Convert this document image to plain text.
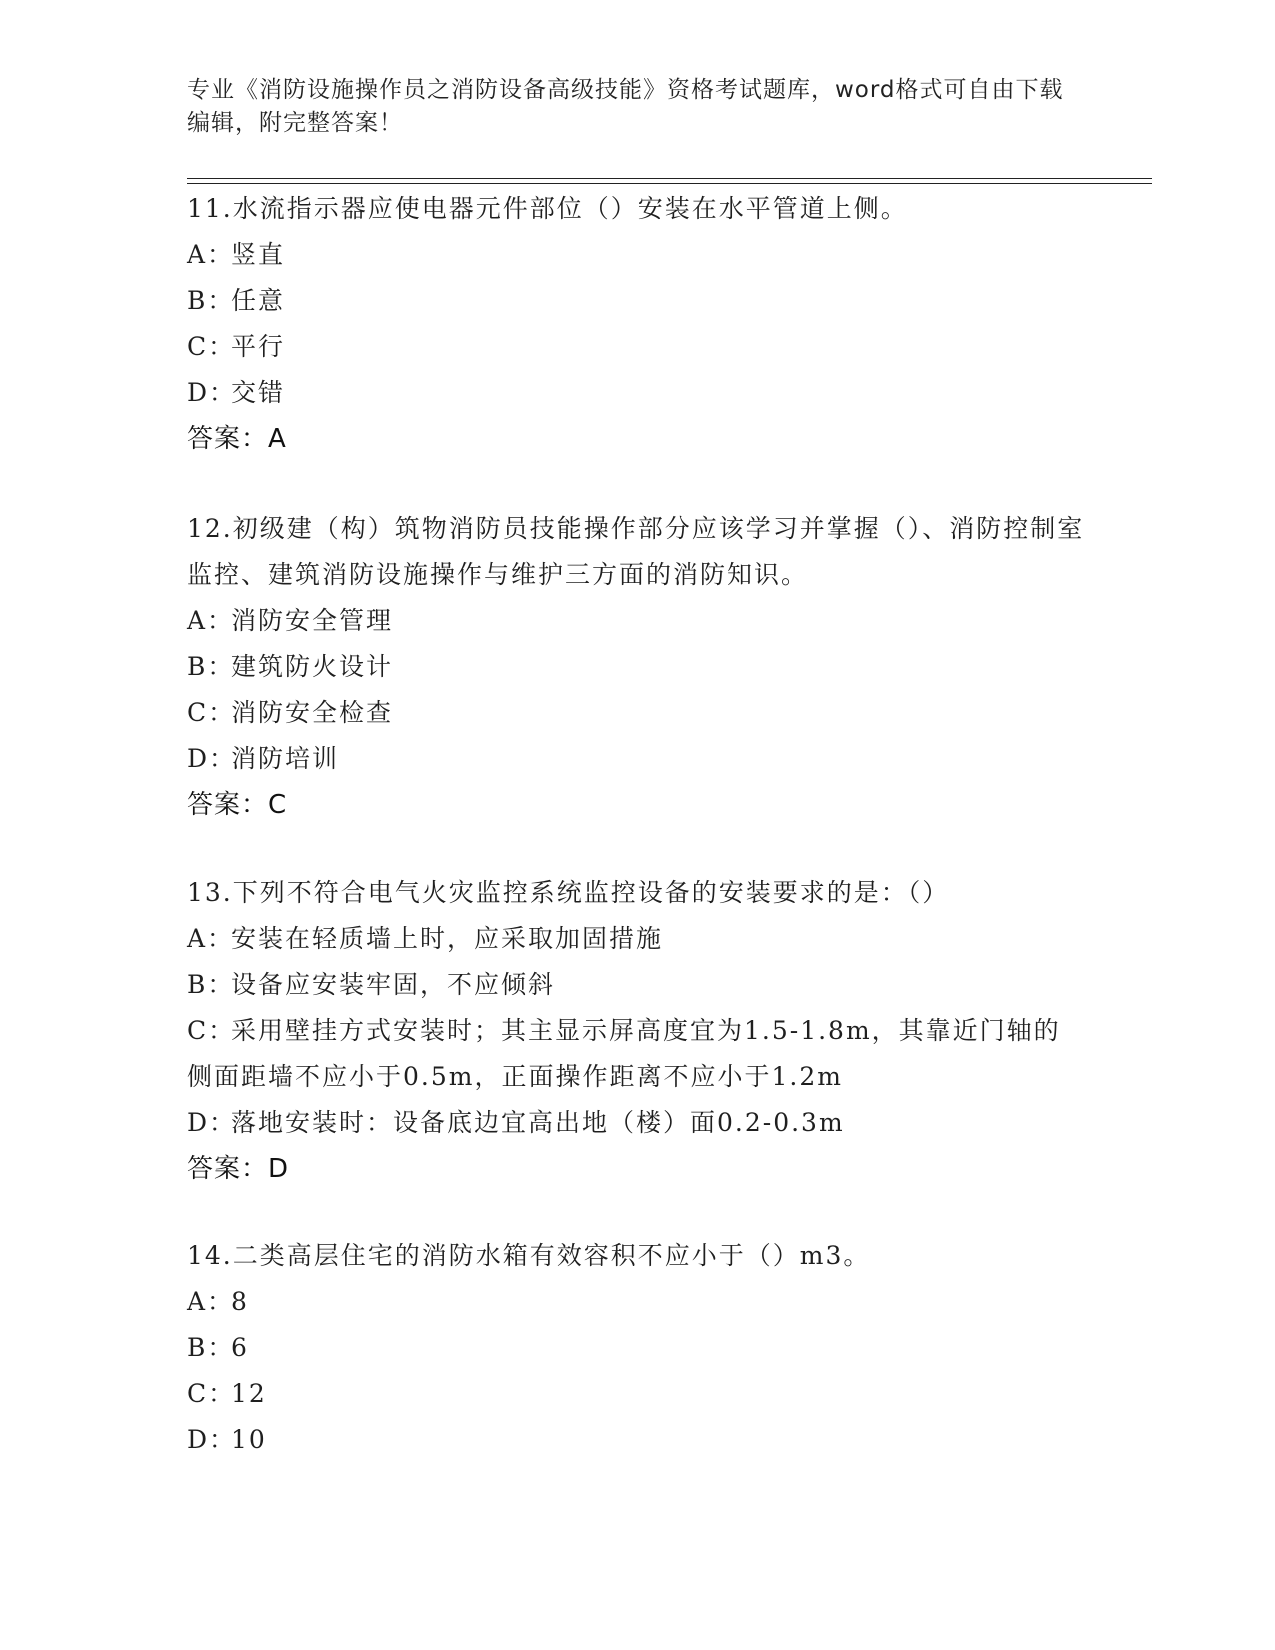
专业《消防设施操作员之消防设备高级技能》资格考试题库，word格式可自由下载编辑，附完整答案！

11.水流指示器应使电器元件部位（）安装在水平管道上侧。

A：竖直

B：任意

C：平行

D：交错

答案：A

12.初级建（构）筑物消防员技能操作部分应该学习并掌握（）、消防控制室监控、建筑消防设施操作与维护三方面的消防知识。

A：消防安全管理

B：建筑防火设计

C：消防安全检查

D：消防培训

答案：C

13.下列不符合电气火灾监控系统监控设备的安装要求的是：（）

A：安装在轻质墙上时，应采取加固措施

B：设备应安装牢固，不应倾斜

C：采用壁挂方式安装时；其主显示屏高度宜为1.5-1.8m，其靠近门轴的侧面距墙不应小于0.5m，正面操作距离不应小于1.2m

D：落地安装时：设备底边宜高出地（楼）面0.2-0.3m

答案：D

14.二类高层住宅的消防水箱有效容积不应小于（）m3。

A：8

B：6

C：12

D：10
